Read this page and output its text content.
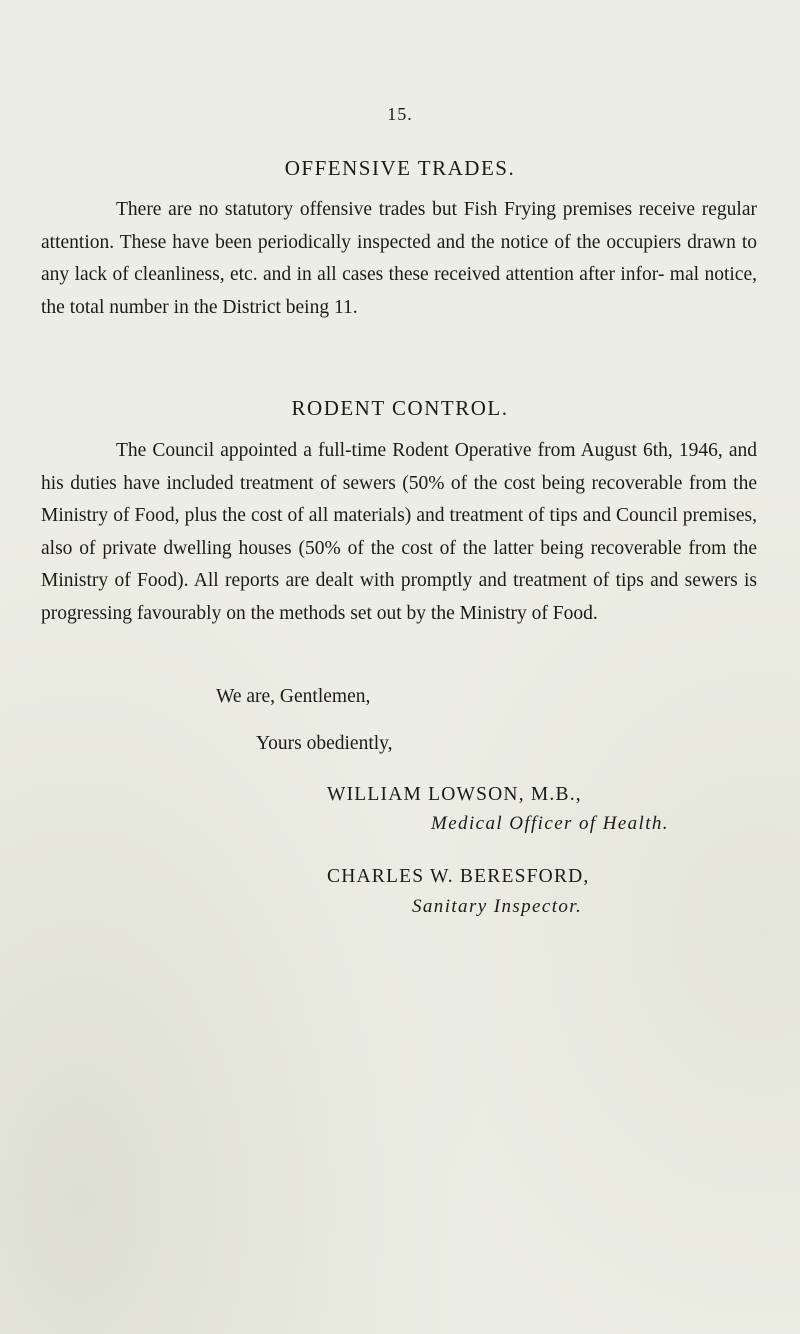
15.
OFFENSIVE TRADES.

There are no statutory offensive trades but Fish Frying premises receive regular attention. These have been periodically inspected and the notice of the occupiers drawn to any lack of cleanliness, etc. and in all cases these received attention after infor- mal notice, the total number in the District being 11.

RODENT CONTROL.

The Council appointed a full-time Rodent Operative from August 6th, 1946, and his duties have included treatment of sewers (50% of the cost being recoverable from the Ministry of Food, plus the cost of all materials) and treatment of tips and Council premises, also of private dwelling houses (50% of the cost of the latter being recoverable from the Ministry of Food). All reports are dealt with promptly and treatment of tips and sewers is progressing favourably on the methods set out by the Ministry of Food.

We are, Gentlemen,

Yours obediently,

WILLIAM LOWSON, M.B.,

Medical Officer of Health.

CHARLES W. BERESFORD,

Sanitary Inspector.
